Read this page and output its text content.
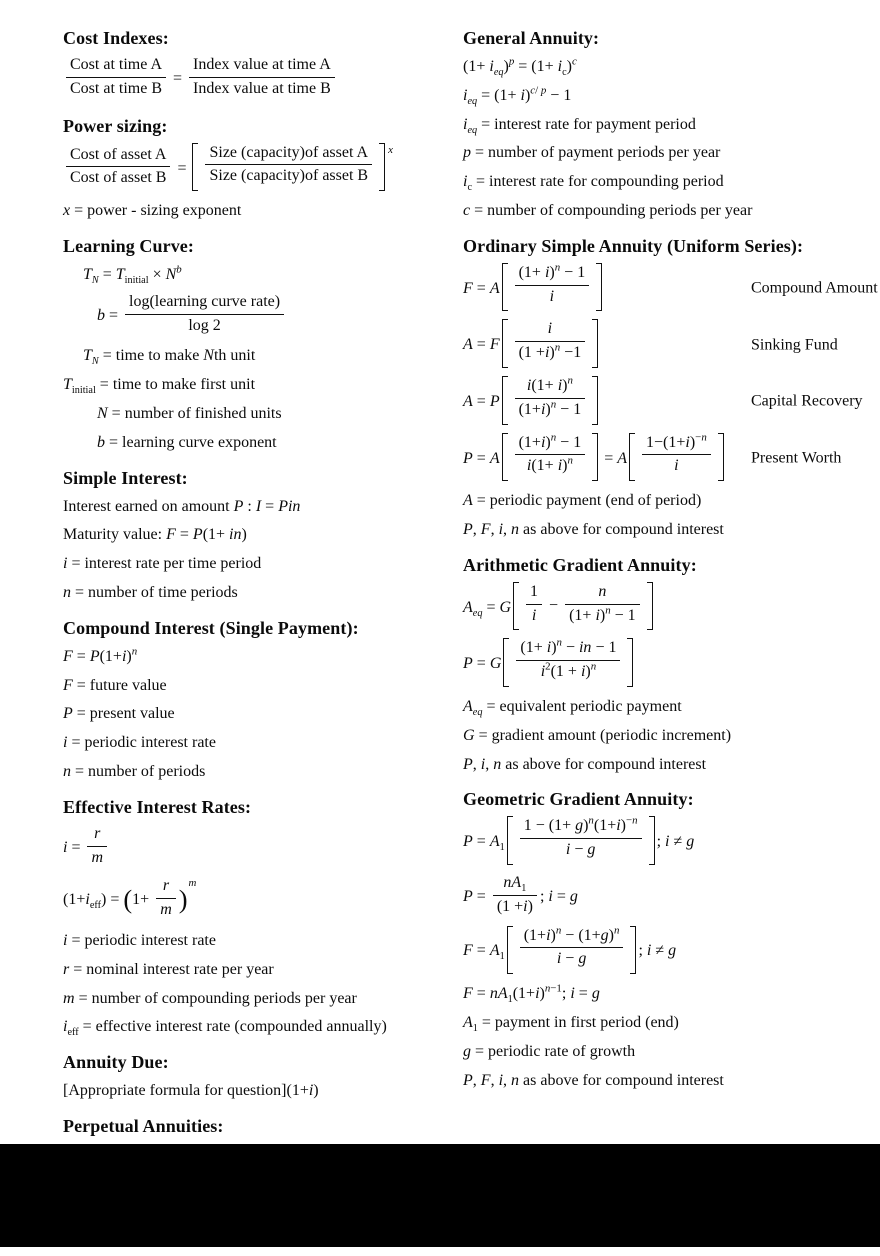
Cost Indexes:
$\frac{\text{Cost at time A}}{\text{Cost at time B}} = \frac{\text{Index value at time A}}{\text{Index value at time B}}$
Power sizing:
$\frac{\text{Cost of asset A}}{\text{Cost of asset B}} = \frac{\text{Size (capacity)of asset A}}{\text{Size (capacity)of asset B}} ^x$
x = power - sizing exponent
Learning Curve:
$T_N = T_{initial} \times N^b$
$b = \frac{\text{log(learning curve rate)}}{\log 2}$
$T_N$ = time to make Nth unit
$T_{initial}$ = time to make first unit
N = number of finished units
b = learning curve exponent
Simple Interest:
Interest earned on amount P : I = Pin
Maturity value: F = P(1+ in)
i = interest rate per time period
n = number of time periods
Compound Interest (Single Payment):
$F = P(1+i)^n$
F = future value
P = present value
i = periodic interest rate
n = number of periods
Effective Interest Rates:
$i = \frac{r}{m}$
$(1+i_{eff}) = (1+ \frac{r}{m} )^m$
i = periodic interest rate
r = nominal interest rate per year
m = number of compounding periods per year
$i_{eff}$ = effective interest rate (compounded annually)
Annuity Due:
[Appropriate formula for question](1+i)
Perpetual Annuities:
General Annuity:
$(1+ i_{eq})^p = (1+ i_c)^c$
$i_{eq} = (1+ i)^{c/ p} - 1$
$i_{eq}$ = interest rate for payment period
p = number of payment periods per year
$i_c$ = interest rate for compounding period
c = number of compounding periods per year
Ordinary Simple Annuity (Uniform Series):
F = A $\frac{(1+ i)^n - 1}{i}$	Compound Amount
A = F $\frac{i}{(1 +i)^n -1}$	Sinking Fund
A = P $\frac{i(1+ i)^n}{(1+i)^n - 1}$	Capital Recovery
P = A $\frac{(1+i)^n - 1}{i(1+ i)^n} = A \frac{1-(1+i)^{-n}}{i}$	Present Worth
A = periodic payment (end of period)
P, F, i, n as above for compound interest
Arithmetic Gradient Annuity:
$A_{eq} = G \frac{1}{i} - \frac{n}{(1+ i)^n - 1}$
P = G $\frac{(1+ i)^n - in - 1}{i^2(1 + i)^n}$
$A_{eq}$ = equivalent periodic payment
G = gradient amount (periodic increment)
P, i, n as above for compound interest
Geometric Gradient Annuity:
$P = A_1 \frac{1 - (1+ g)^n(1+i)^{-n}}{i - g}$ ; i ≠ g
$P = \frac{nA_1}{(1 +i)}$ ; i = g
$F = A_1 \frac{(1+i)^n - (1+g)^n}{i - g}$ ; i ≠ g
$F = nA_1(1+i)^{n-1}$; i = g
$A_1$ = payment in first period (end)
g = periodic rate of growth
P, F, i, n as above for compound interest
